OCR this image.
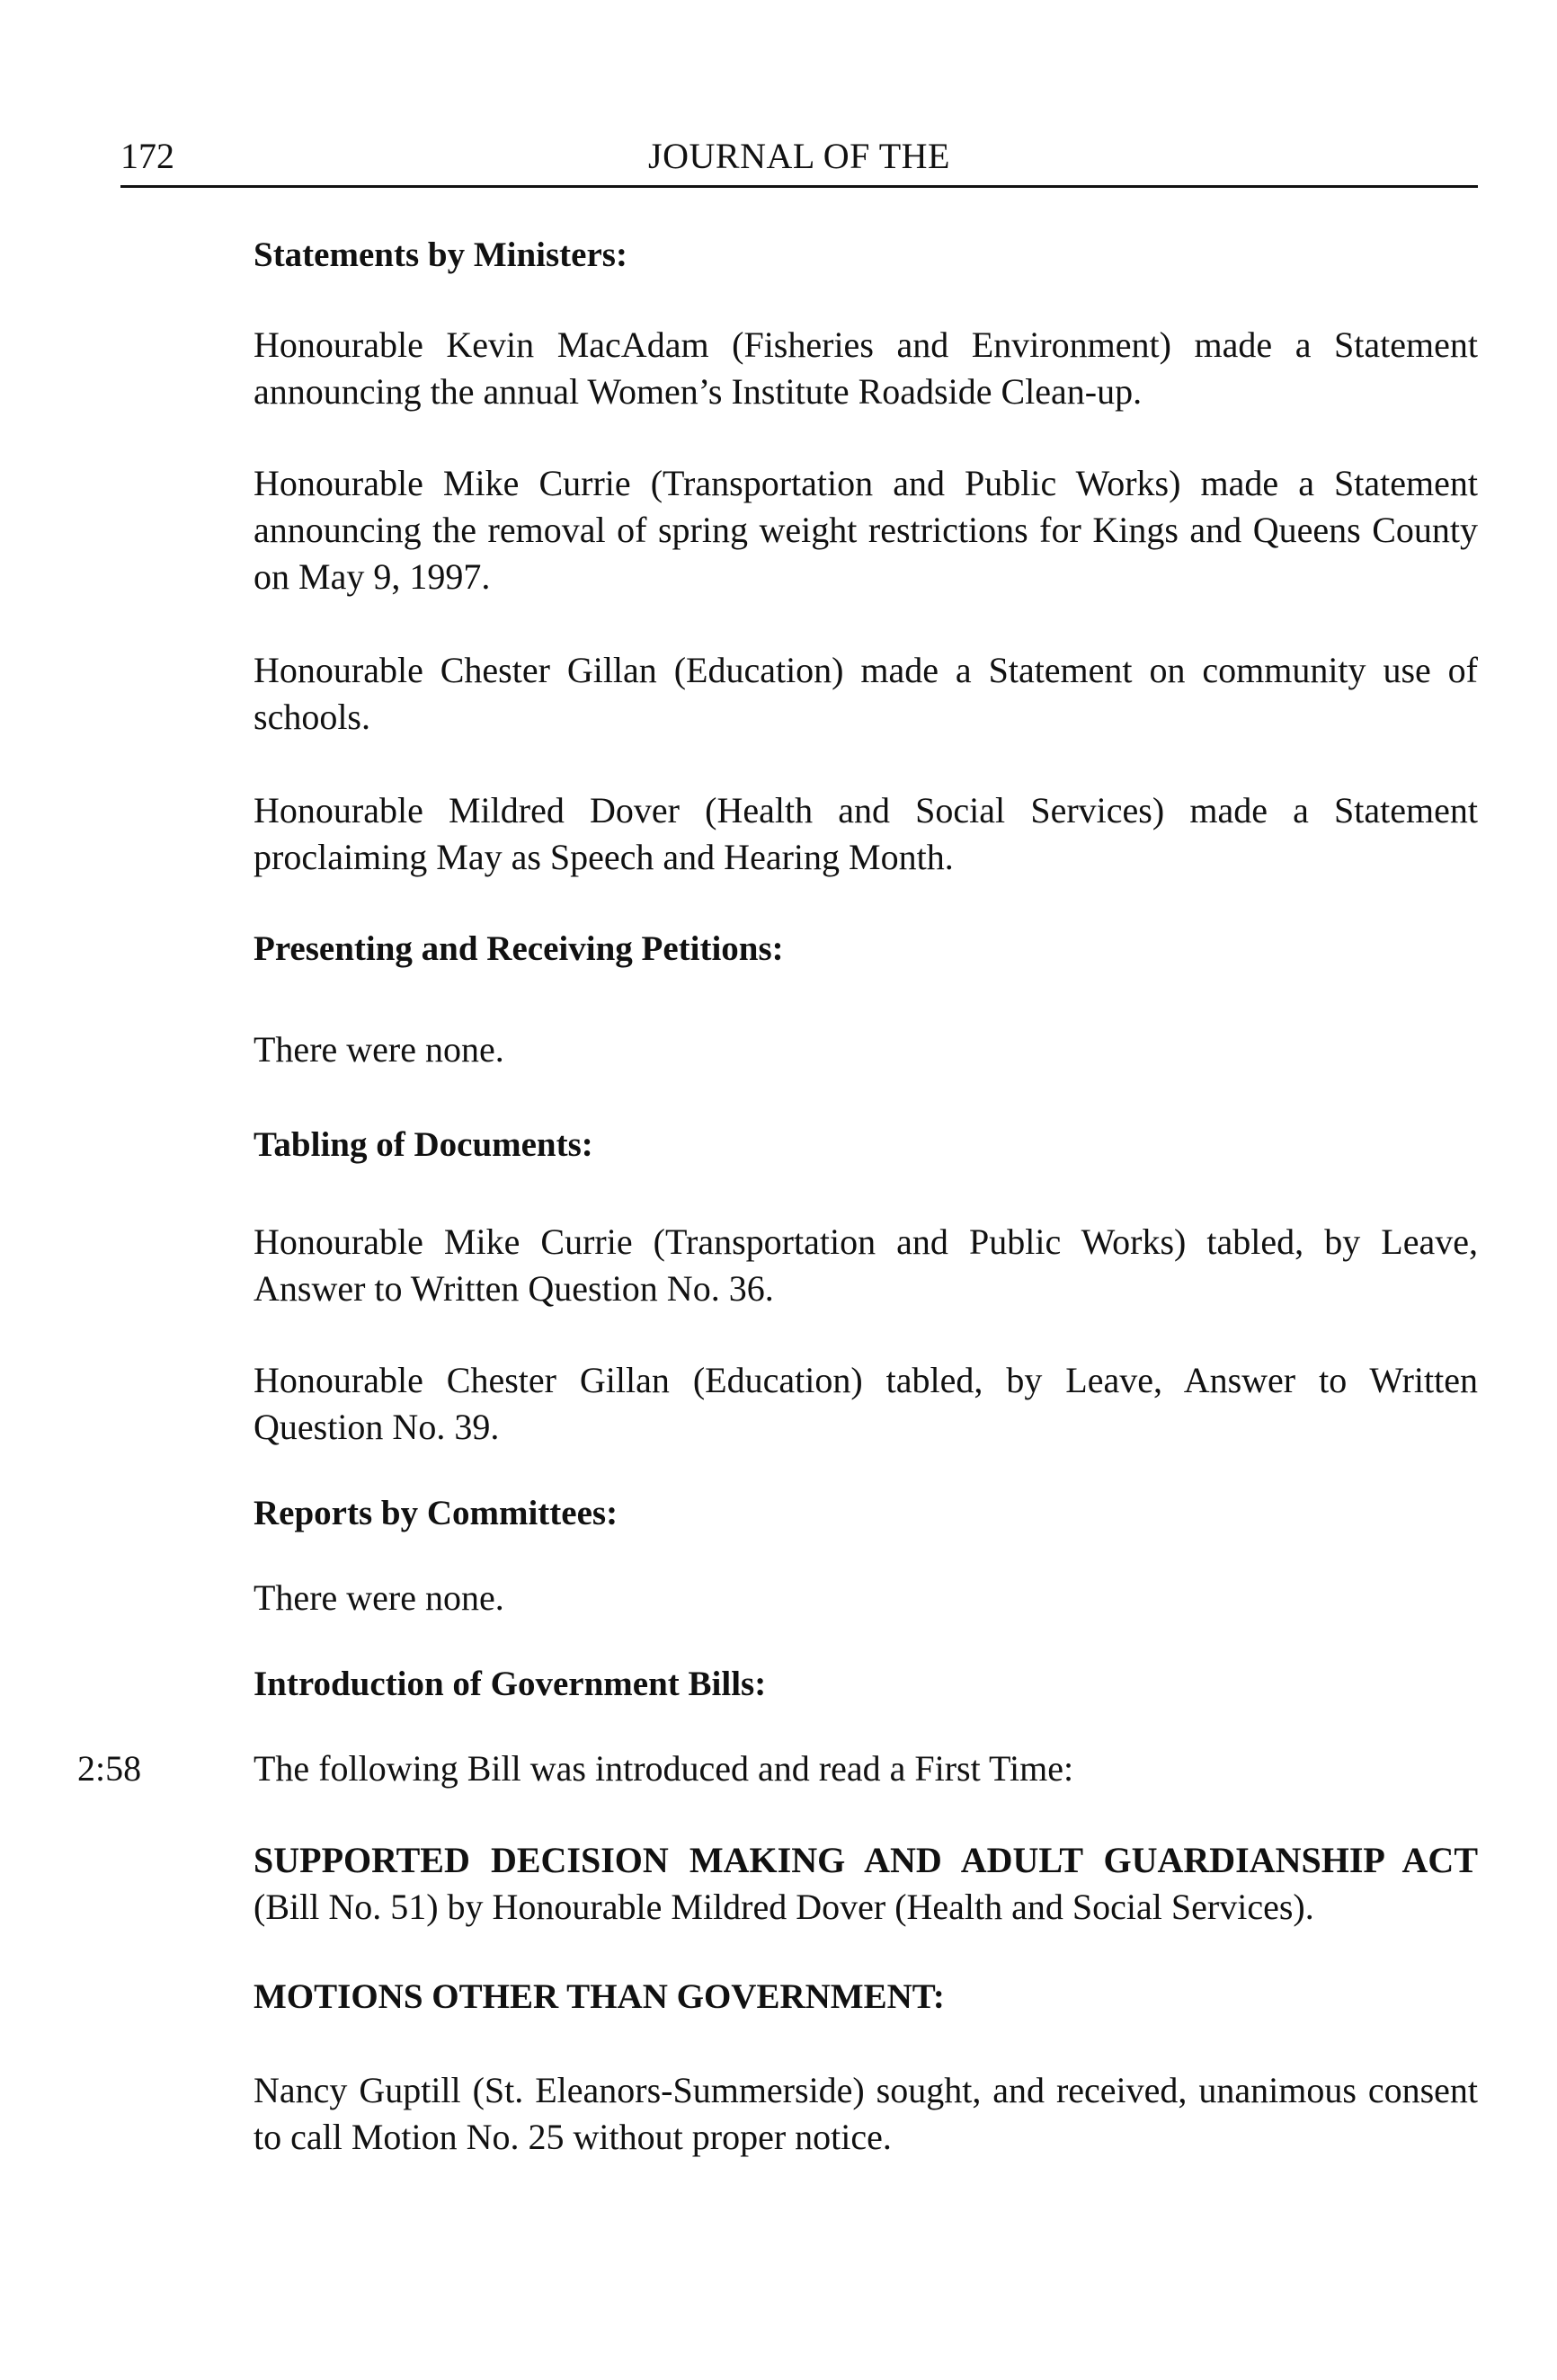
172	JOURNAL OF THE

Statements by Ministers:

Honourable Kevin MacAdam (Fisheries and Environment) made a Statement announcing the annual Women’s Institute Roadside Clean-up.

Honourable Mike Currie (Transportation and Public Works) made a Statement announcing the removal of spring weight restrictions for Kings and Queens County on May 9, 1997.

Honourable Chester Gillan (Education) made a Statement on community use of schools.

Honourable Mildred Dover (Health and Social Services) made a Statement proclaiming May as Speech and Hearing Month.

Presenting and Receiving Petitions:

There were none.

Tabling of Documents:

Honourable Mike Currie (Transportation and Public Works) tabled, by Leave, Answer to Written Question No. 36.

Honourable Chester Gillan (Education) tabled, by Leave, Answer to Written Question No. 39.

Reports by Committees:

There were none.

Introduction of Government Bills:

2:58	The following Bill was introduced and read a First Time:

SUPPORTED DECISION MAKING AND ADULT GUARDIANSHIP ACT (Bill No. 51) by Honourable Mildred Dover (Health and Social Services).

MOTIONS OTHER THAN GOVERNMENT:

Nancy Guptill (St. Eleanors-Summerside) sought, and received, unanimous consent to call Motion No. 25 without proper notice.
